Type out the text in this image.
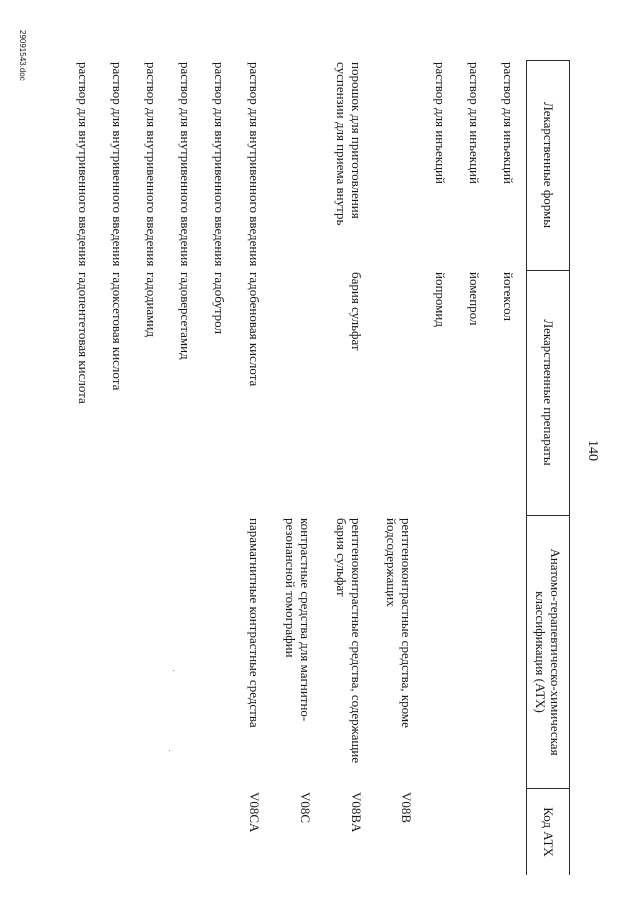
140
29091543.doc
Лекарственные формы
Лекарственные препараты
Анатомо-терапевтическо-химическая классификация (АТХ)
Код АТХ
раствор для инъекций
йогексол
раствор для инъекций
йомепрол
раствор для инъекций
йопромид
рентгеноконтрастные средства, кроме йодсодержащих
V08B
порошок для приготовления суспензии для приема внутрь
бария сульфат
рентгеноконтрастные средства, содержащие бария сульфат
V08BA
контрастные средства для магнитно-резонансной томографии
V08C
раствор для внутривенного введения
гадобеновая кислота
парамагнитные контрастные средства
V08CA
раствор для внутривенного введения
гадобутрол
раствор для внутривенного введения
гадоверсетамид
раствор для внутривенного введения
гадодиамид
раствор для внутривенного введения
гадоксетовая кислота
раствор для внутривенного введения
гадопентетовая кислота
